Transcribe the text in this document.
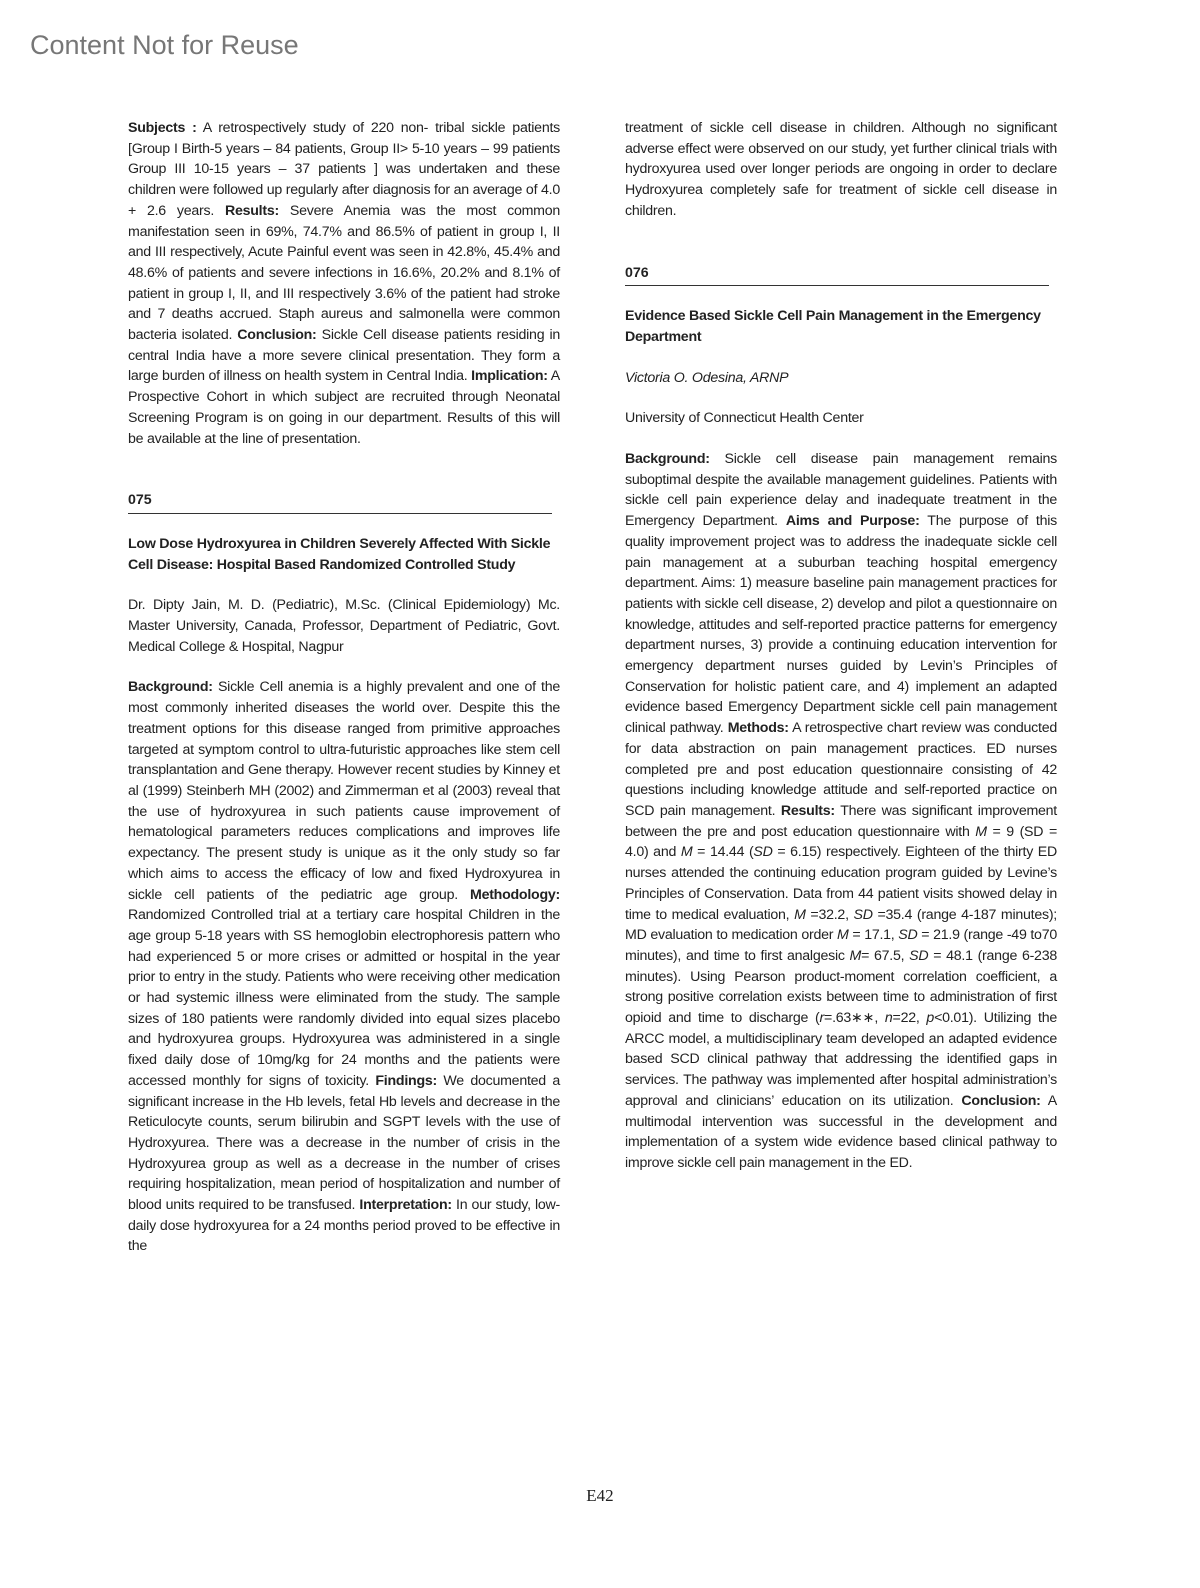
Content Not for Reuse

Subjects : A retrospectively study of 220 non- tribal sickle patients [Group I Birth-5 years – 84 patients, Group II> 5-10 years – 99 patients Group III 10-15 years – 37 patients ] was undertaken and these children were followed up regularly after diagnosis for an average of 4.0 + 2.6 years. Results: Severe Anemia was the most common manifestation seen in 69%, 74.7% and 86.5% of patient in group I, II and III respectively, Acute Painful event was seen in 42.8%, 45.4% and 48.6% of patients and severe infections in 16.6%, 20.2% and 8.1% of patient in group I, II, and III respectively 3.6% of the patient had stroke and 7 deaths accrued. Staph aureus and salmonella were common bacteria isolated. Conclusion: Sickle Cell disease patients residing in central India have a more severe clinical presentation. They form a large burden of illness on health system in Central India. Implication: A Prospective Cohort in which subject are recruited through Neonatal Screening Program is on going in our department. Results of this will be available at the line of presentation.

075

Low Dose Hydroxyurea in Children Severely Affected With Sickle Cell Disease: Hospital Based Randomized Controlled Study

Dr. Dipty Jain, M. D. (Pediatric), M.Sc. (Clinical Epidemiology) Mc. Master University, Canada, Professor, Department of Pediatric, Govt. Medical College & Hospital, Nagpur

Background: Sickle Cell anemia is a highly prevalent and one of the most commonly inherited diseases the world over. Despite this the treatment options for this disease ranged from primitive approaches targeted at symptom control to ultra-futuristic approaches like stem cell transplantation and Gene therapy. However recent studies by Kinney et al (1999) Steinberh MH (2002) and Zimmerman et al (2003) reveal that the use of hydroxyurea in such patients cause improvement of hematological parameters reduces complications and improves life expectancy. The present study is unique as it the only study so far which aims to access the efficacy of low and fixed Hydroxyurea in sickle cell patients of the pediatric age group. Methodology: Randomized Controlled trial at a tertiary care hospital Children in the age group 5-18 years with SS hemoglobin electrophoresis pattern who had experienced 5 or more crises or admitted or hospital in the year prior to entry in the study. Patients who were receiving other medication or had systemic illness were eliminated from the study. The sample sizes of 180 patients were randomly divided into equal sizes placebo and hydroxyurea groups. Hydroxyurea was administered in a single fixed daily dose of 10mg/kg for 24 months and the patients were accessed monthly for signs of toxicity. Findings: We documented a significant increase in the Hb levels, fetal Hb levels and decrease in the Reticulocyte counts, serum bilirubin and SGPT levels with the use of Hydroxyurea. There was a decrease in the number of crisis in the Hydroxyurea group as well as a decrease in the number of crises requiring hospitalization, mean period of hospitalization and number of blood units required to be transfused. Interpretation: In our study, low-daily dose hydroxyurea for a 24 months period proved to be effective in the

treatment of sickle cell disease in children. Although no significant adverse effect were observed on our study, yet further clinical trials with hydroxyurea used over longer periods are ongoing in order to declare Hydroxyurea completely safe for treatment of sickle cell disease in children.

076

Evidence Based Sickle Cell Pain Management in the Emergency Department

Victoria O. Odesina, ARNP

University of Connecticut Health Center

Background: Sickle cell disease pain management remains suboptimal despite the available management guidelines. Patients with sickle cell pain experience delay and inadequate treatment in the Emergency Department. Aims and Purpose: The purpose of this quality improvement project was to address the inadequate sickle cell pain management at a suburban teaching hospital emergency department. Aims: 1) measure baseline pain management practices for patients with sickle cell disease, 2) develop and pilot a questionnaire on knowledge, attitudes and self-reported practice patterns for emergency department nurses, 3) provide a continuing education intervention for emergency department nurses guided by Levin’s Principles of Conservation for holistic patient care, and 4) implement an adapted evidence based Emergency Department sickle cell pain management clinical pathway. Methods: A retrospective chart review was conducted for data abstraction on pain management practices. ED nurses completed pre and post education questionnaire consisting of 42 questions including knowledge attitude and self-reported practice on SCD pain management. Results: There was significant improvement between the pre and post education questionnaire with M = 9 (SD = 4.0) and M = 14.44 (SD = 6.15) respectively. Eighteen of the thirty ED nurses attended the continuing education program guided by Levine’s Principles of Conservation. Data from 44 patient visits showed delay in time to medical evaluation, M =32.2, SD =35.4 (range 4-187 minutes); MD evaluation to medication order M = 17.1, SD = 21.9 (range -49 to70 minutes), and time to first analgesic M= 67.5, SD = 48.1 (range 6-238 minutes). Using Pearson product-moment correlation coefficient, a strong positive correlation exists between time to administration of first opioid and time to discharge (r=.63∗∗, n=22, p<0.01). Utilizing the ARCC model, a multidisciplinary team developed an adapted evidence based SCD clinical pathway that addressing the identified gaps in services. The pathway was implemented after hospital administration’s approval and clinicians’ education on its utilization. Conclusion: A multimodal intervention was successful in the development and implementation of a system wide evidence based clinical pathway to improve sickle cell pain management in the ED.

E42
